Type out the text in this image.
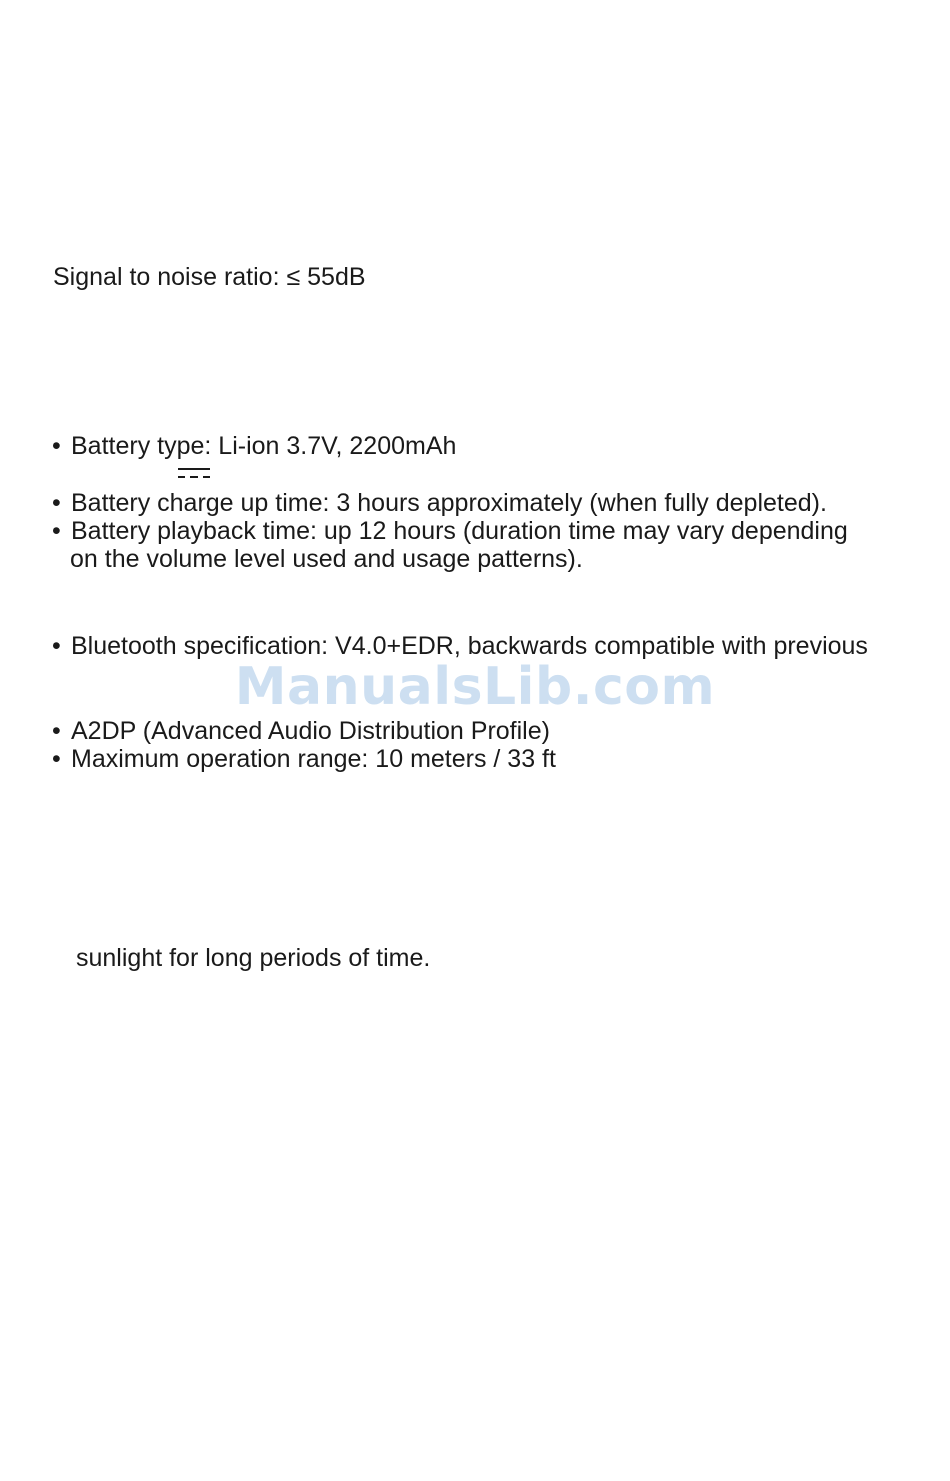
Signal to noise ratio: ≤ 55dB
• Battery type: Li-ion 3.7V, 2200mAh
• Battery charge up time: 3 hours approximately (when fully depleted).
• Battery playback time: up 12 hours (duration time may vary depending
on the volume level used and usage patterns).
• Bluetooth specification: V4.0+EDR, backwards compatible with previous
ManualsLib.com
• A2DP (Advanced Audio Distribution Profile)
• Maximum operation range: 10 meters / 33 ft
sunlight for long periods of time.
